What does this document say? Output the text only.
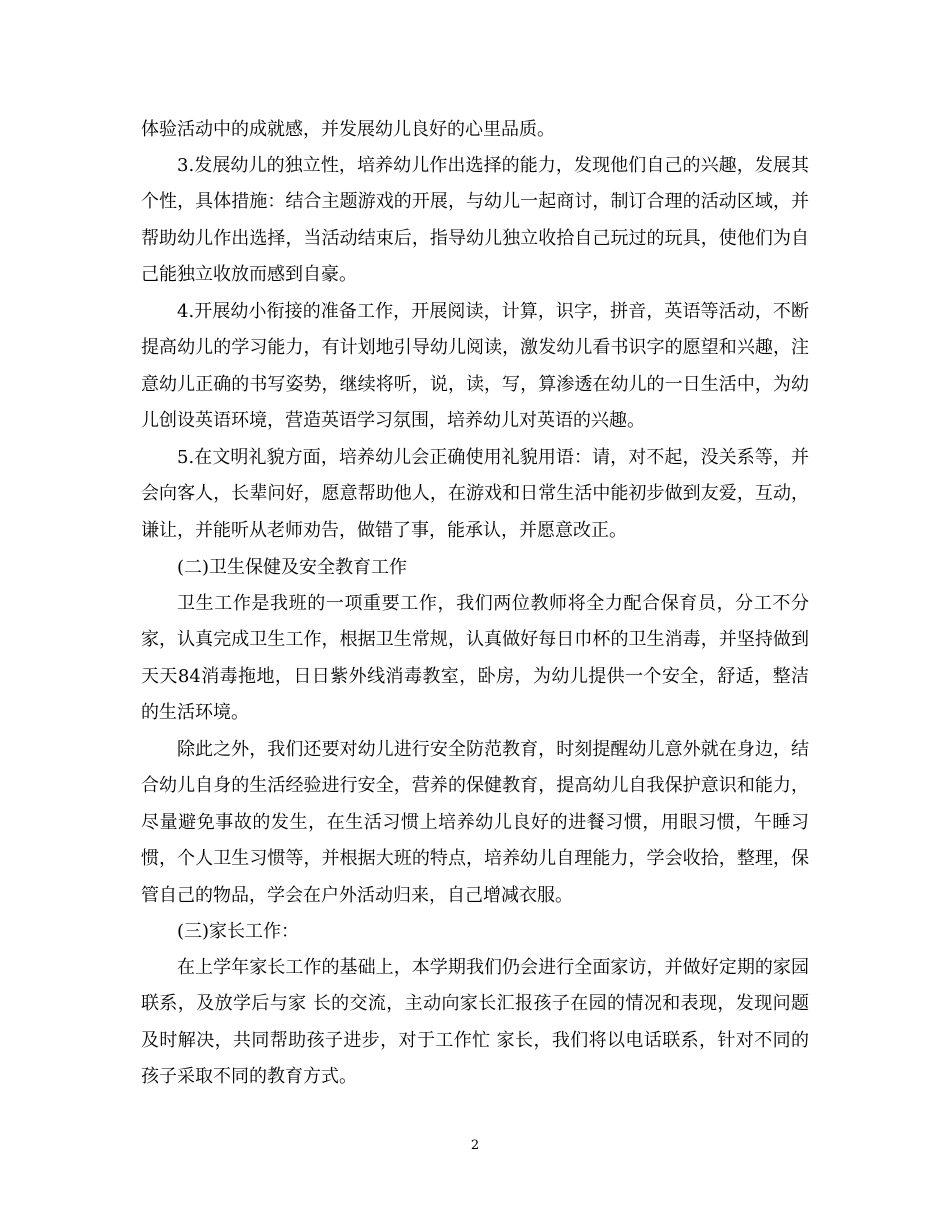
体验活动中的成就感，并发展幼儿良好的心里品质。

3.发展幼儿的独立性，培养幼儿作出选择的能力，发现他们自己的兴趣，发展其个性，具体措施：结合主题游戏的开展，与幼儿一起商讨，制订合理的活动区域，并帮助幼儿作出选择，当活动结束后，指导幼儿独立收拾自己玩过的玩具，使他们为自己能独立收放而感到自豪。

4.开展幼小衔接的准备工作，开展阅读，计算，识字，拼音，英语等活动，不断提高幼儿的学习能力，有计划地引导幼儿阅读，激发幼儿看书识字的愿望和兴趣，注意幼儿正确的书写姿势，继续将听，说，读，写，算渗透在幼儿的一日生活中，为幼儿创设英语环境，营造英语学习氛围，培养幼儿对英语的兴趣。

5.在文明礼貌方面，培养幼儿会正确使用礼貌用语：请，对不起，没关系等，并会向客人，长辈问好，愿意帮助他人，在游戏和日常生活中能初步做到友爱，互动，谦让，并能听从老师劝告，做错了事，能承认，并愿意改正。

(二)卫生保健及安全教育工作

卫生工作是我班的一项重要工作，我们两位教师将全力配合保育员，分工不分家，认真完成卫生工作，根据卫生常规，认真做好每日巾杯的卫生消毒，并坚持做到天天84消毒拖地，日日紫外线消毒教室，卧房，为幼儿提供一个安全，舒适，整洁的生活环境。

除此之外，我们还要对幼儿进行安全防范教育，时刻提醒幼儿意外就在身边，结合幼儿自身的生活经验进行安全，营养的保健教育，提高幼儿自我保护意识和能力，尽量避免事故的发生，在生活习惯上培养幼儿良好的进餐习惯，用眼习惯，午睡习惯，个人卫生习惯等，并根据大班的特点，培养幼儿自理能力，学会收拾，整理，保管自己的物品，学会在户外活动归来，自己增减衣服。

(三)家长工作：

在上学年家长工作的基础上，本学期我们仍会进行全面家访，并做好定期的家园联系，及放学后与家 长的交流，主动向家长汇报孩子在园的情况和表现，发现问题及时解决，共同帮助孩子进步，对于工作忙 家长，我们将以电话联系，针对不同的孩子采取不同的教育方式。

2
